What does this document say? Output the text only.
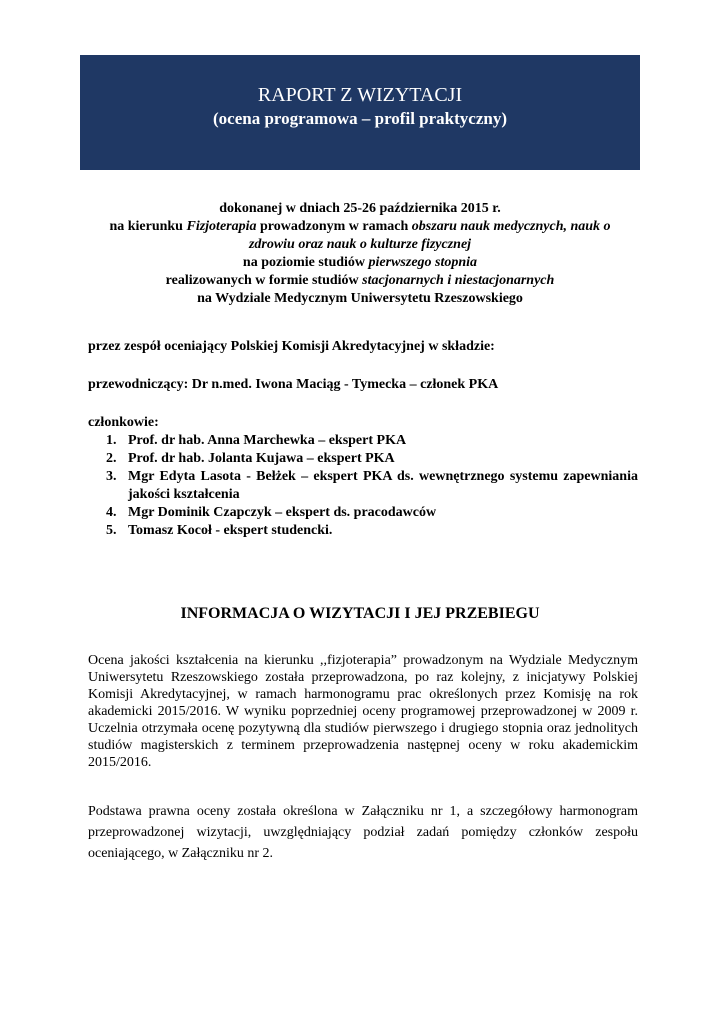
RAPORT Z WIZYTACJI
(ocena programowa – profil praktyczny)
dokonanej w dniach 25-26 października 2015 r.
na kierunku Fizjoterapia prowadzonym w ramach obszaru nauk medycznych, nauk o
zdrowiu oraz nauk o kulturze fizycznej
na poziomie studiów pierwszego stopnia
realizowanych w formie studiów stacjonarnych i niestacjonarnych
na Wydziale Medycznym Uniwersytetu Rzeszowskiego
przez zespół oceniający Polskiej Komisji Akredytacyjnej w składzie:
przewodniczący: Dr n.med. Iwona Maciąg - Tymecka – członek PKA
członkowie:
1. Prof. dr hab. Anna Marchewka – ekspert PKA
2. Prof. dr hab. Jolanta Kujawa – ekspert PKA
3. Mgr Edyta Lasota - Bełżek – ekspert PKA ds. wewnętrznego systemu zapewniania jakości kształcenia
4. Mgr Dominik Czapczyk – ekspert ds. pracodawców
5. Tomasz Kocoł - ekspert studencki.
INFORMACJA O WIZYTACJI I JEJ PRZEBIEGU
Ocena jakości kształcenia na kierunku ,,fizjoterapia” prowadzonym na Wydziale Medycznym Uniwersytetu Rzeszowskiego została przeprowadzona, po raz kolejny, z inicjatywy Polskiej Komisji Akredytacyjnej, w ramach harmonogramu prac określonych przez Komisję na rok akademicki 2015/2016. W wyniku poprzedniej oceny programowej przeprowadzonej w 2009 r. Uczelnia otrzymała ocenę pozytywną dla studiów pierwszego i drugiego stopnia oraz jednolitych studiów magisterskich z terminem przeprowadzenia następnej oceny w roku akademickim 2015/2016.
Podstawa prawna oceny została określona w Załączniku nr 1, a szczegółowy harmonogram przeprowadzonej wizytacji, uwzględniający podział zadań pomiędzy członków zespołu oceniającego, w Załączniku nr 2.
